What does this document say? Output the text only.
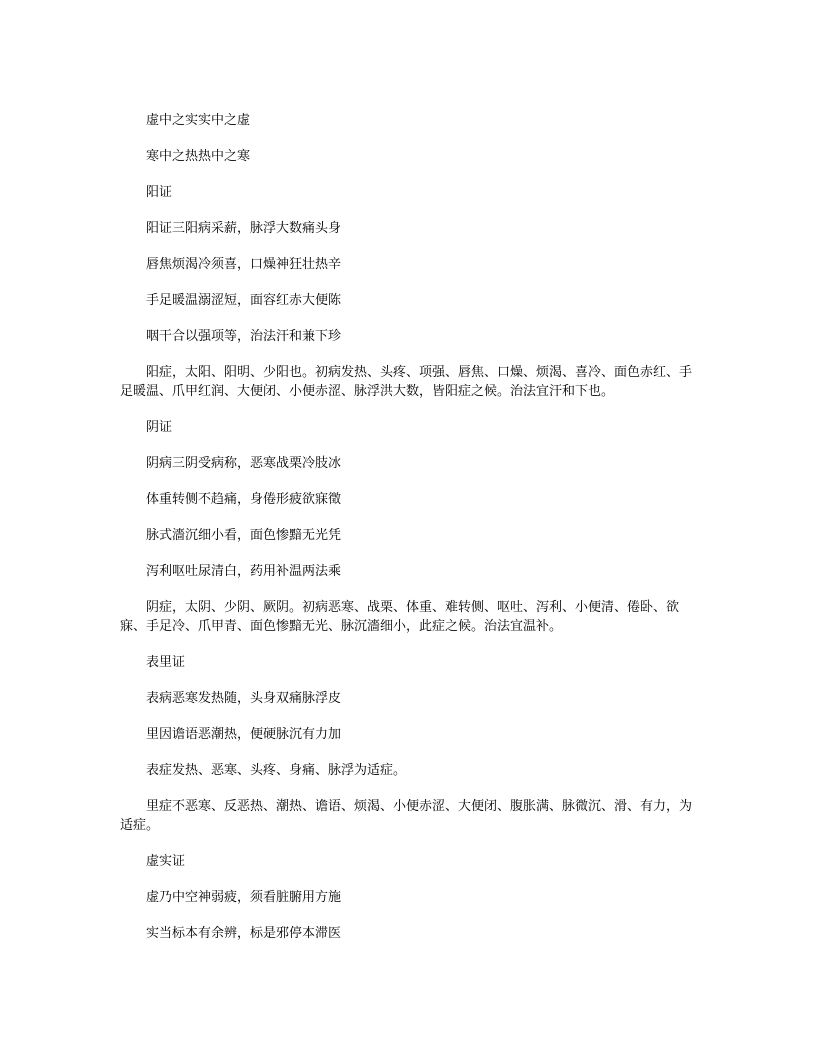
虚中之实实中之虚

寒中之热热中之寒

阳证

阳证三阳病采薪，脉浮大数痛头身

唇焦烦渴冷须喜，口燥神狂壮热辛

手足暖温溺涩短，面容红赤大便陈

咽干合以强项等，治法汗和兼下珍

阳症，太阳、阳明、少阳也。初病发热、头疼、项强、唇焦、口燥、烦渴、喜冷、面色赤红、手足暖温、爪甲红润、大便闭、小便赤涩、脉浮洪大数，皆阳症之候。治法宜汗和下也。

阴证

阴病三阴受病称，恶寒战栗冷肢冰

体重转侧不趋痛，身倦形疲欲寐徵

脉式濇沉细小看，面色惨黯无光凭

泻利呕吐尿清白，药用补温两法乘

阴症，太阴、少阴、厥阴。初病恶寒、战栗、体重、难转侧、呕吐、泻利、小便清、倦卧、欲寐、手足冷、爪甲青、面色惨黯无光、脉沉濇细小，此症之候。治法宜温补。

表里证

表病恶寒发热随，头身双痛脉浮皮

里因谵语恶潮热，便硬脉沉有力加

表症发热、恶寒、头疼、身痛、脉浮为适症。

里症不恶寒、反恶热、潮热、谵语、烦渴、小便赤涩、大便闭、腹胀满、脉微沉、滑、有力，为适症。

虚实证

虚乃中空神弱疲，须看脏腑用方施

实当标本有余辨，标是邪停本滞医
